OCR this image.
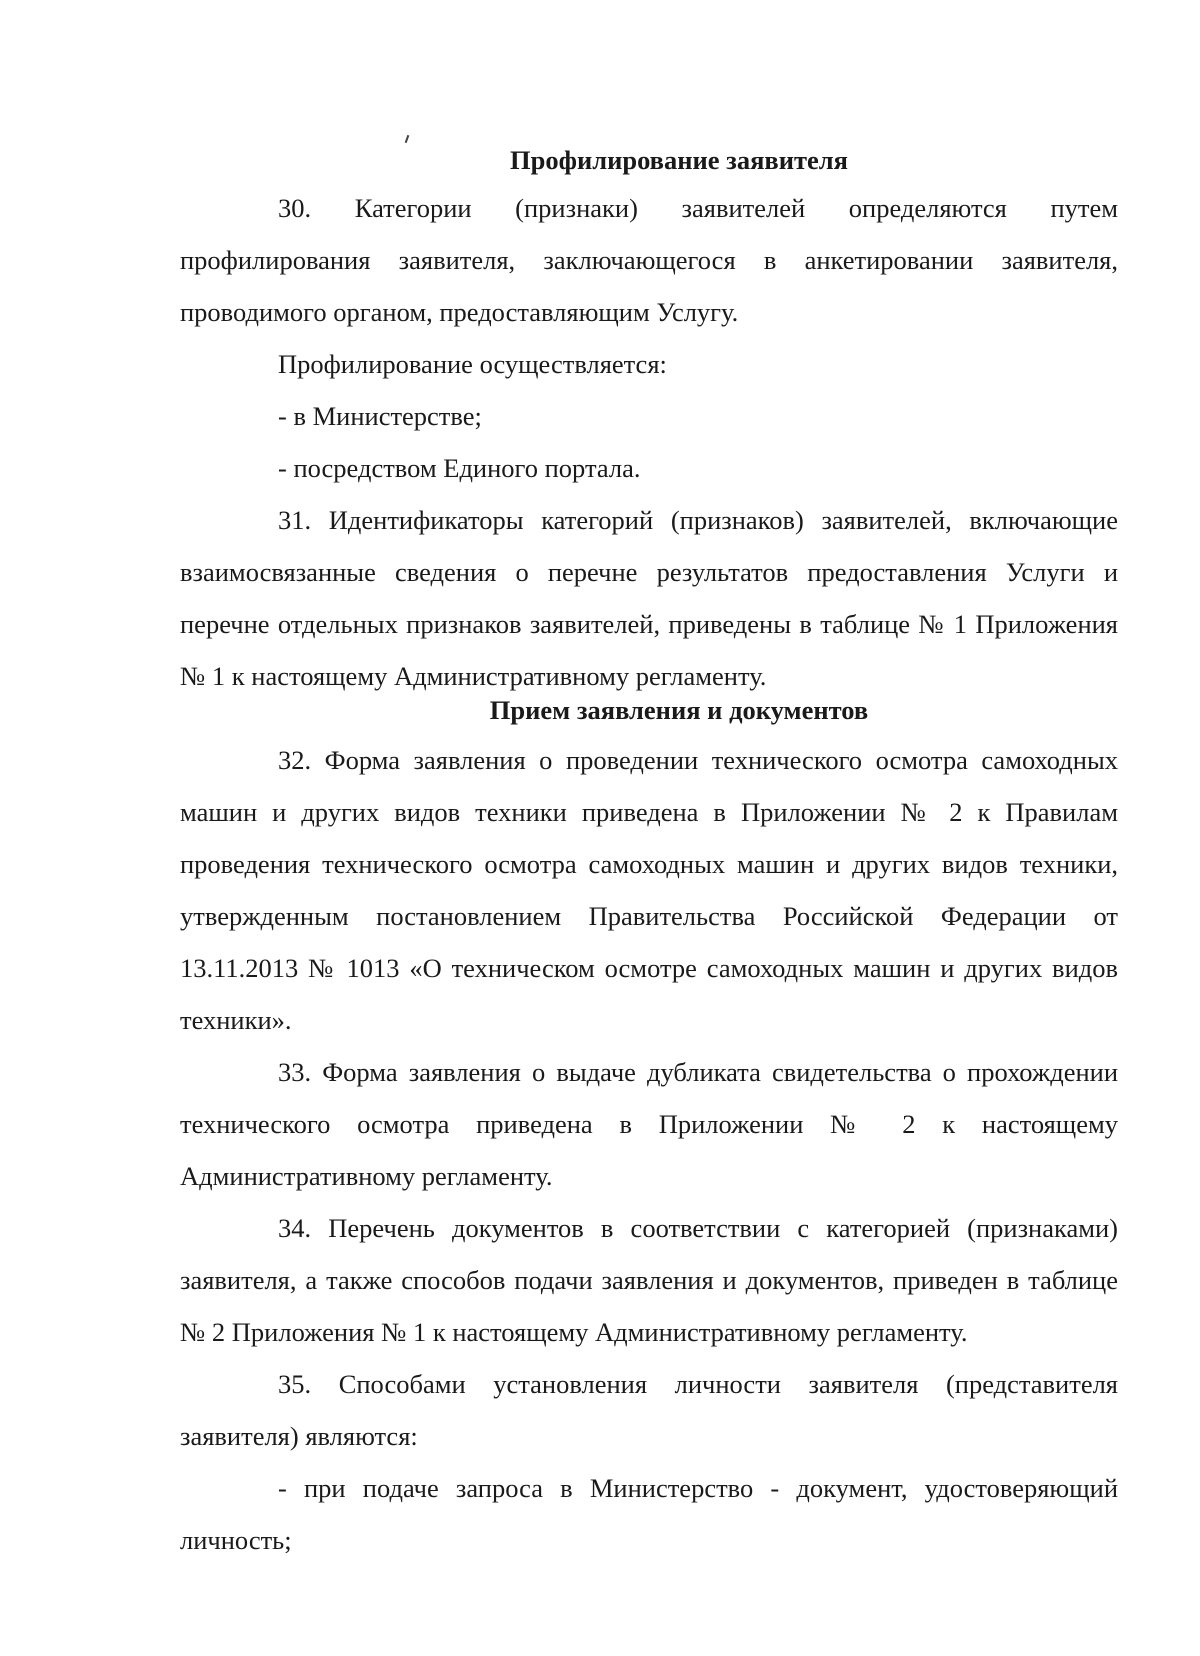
Профилирование заявителя

30. Категории (признаки) заявителей определяются путем профилирования заявителя, заключающегося в анкетировании заявителя, проводимого органом, предоставляющим Услугу.

Профилирование осуществляется:

- в Министерстве;

- посредством Единого портала.

31. Идентификаторы категорий (признаков) заявителей, включающие взаимосвязанные сведения о перечне результатов предоставления Услуги и перечне отдельных признаков заявителей, приведены в таблице № 1 Приложения № 1 к настоящему Административному регламенту.

Прием заявления и документов

32. Форма заявления о проведении технического осмотра самоходных машин и других видов техники приведена в Приложении № 2 к Правилам проведения технического осмотра самоходных машин и других видов техники, утвержденным постановлением Правительства Российской Федерации от 13.11.2013 № 1013 «О техническом осмотре самоходных машин и других видов техники».

33. Форма заявления о выдаче дубликата свидетельства о прохождении технического осмотра приведена в Приложении № 2 к настоящему Административному регламенту.

34. Перечень документов в соответствии с категорией (признаками) заявителя, а также способов подачи заявления и документов, приведен в таблице № 2 Приложения № 1 к настоящему Административному регламенту.

35. Способами установления личности заявителя (представителя заявителя) являются:

- при подаче запроса в Министерство - документ, удостоверяющий личность;
